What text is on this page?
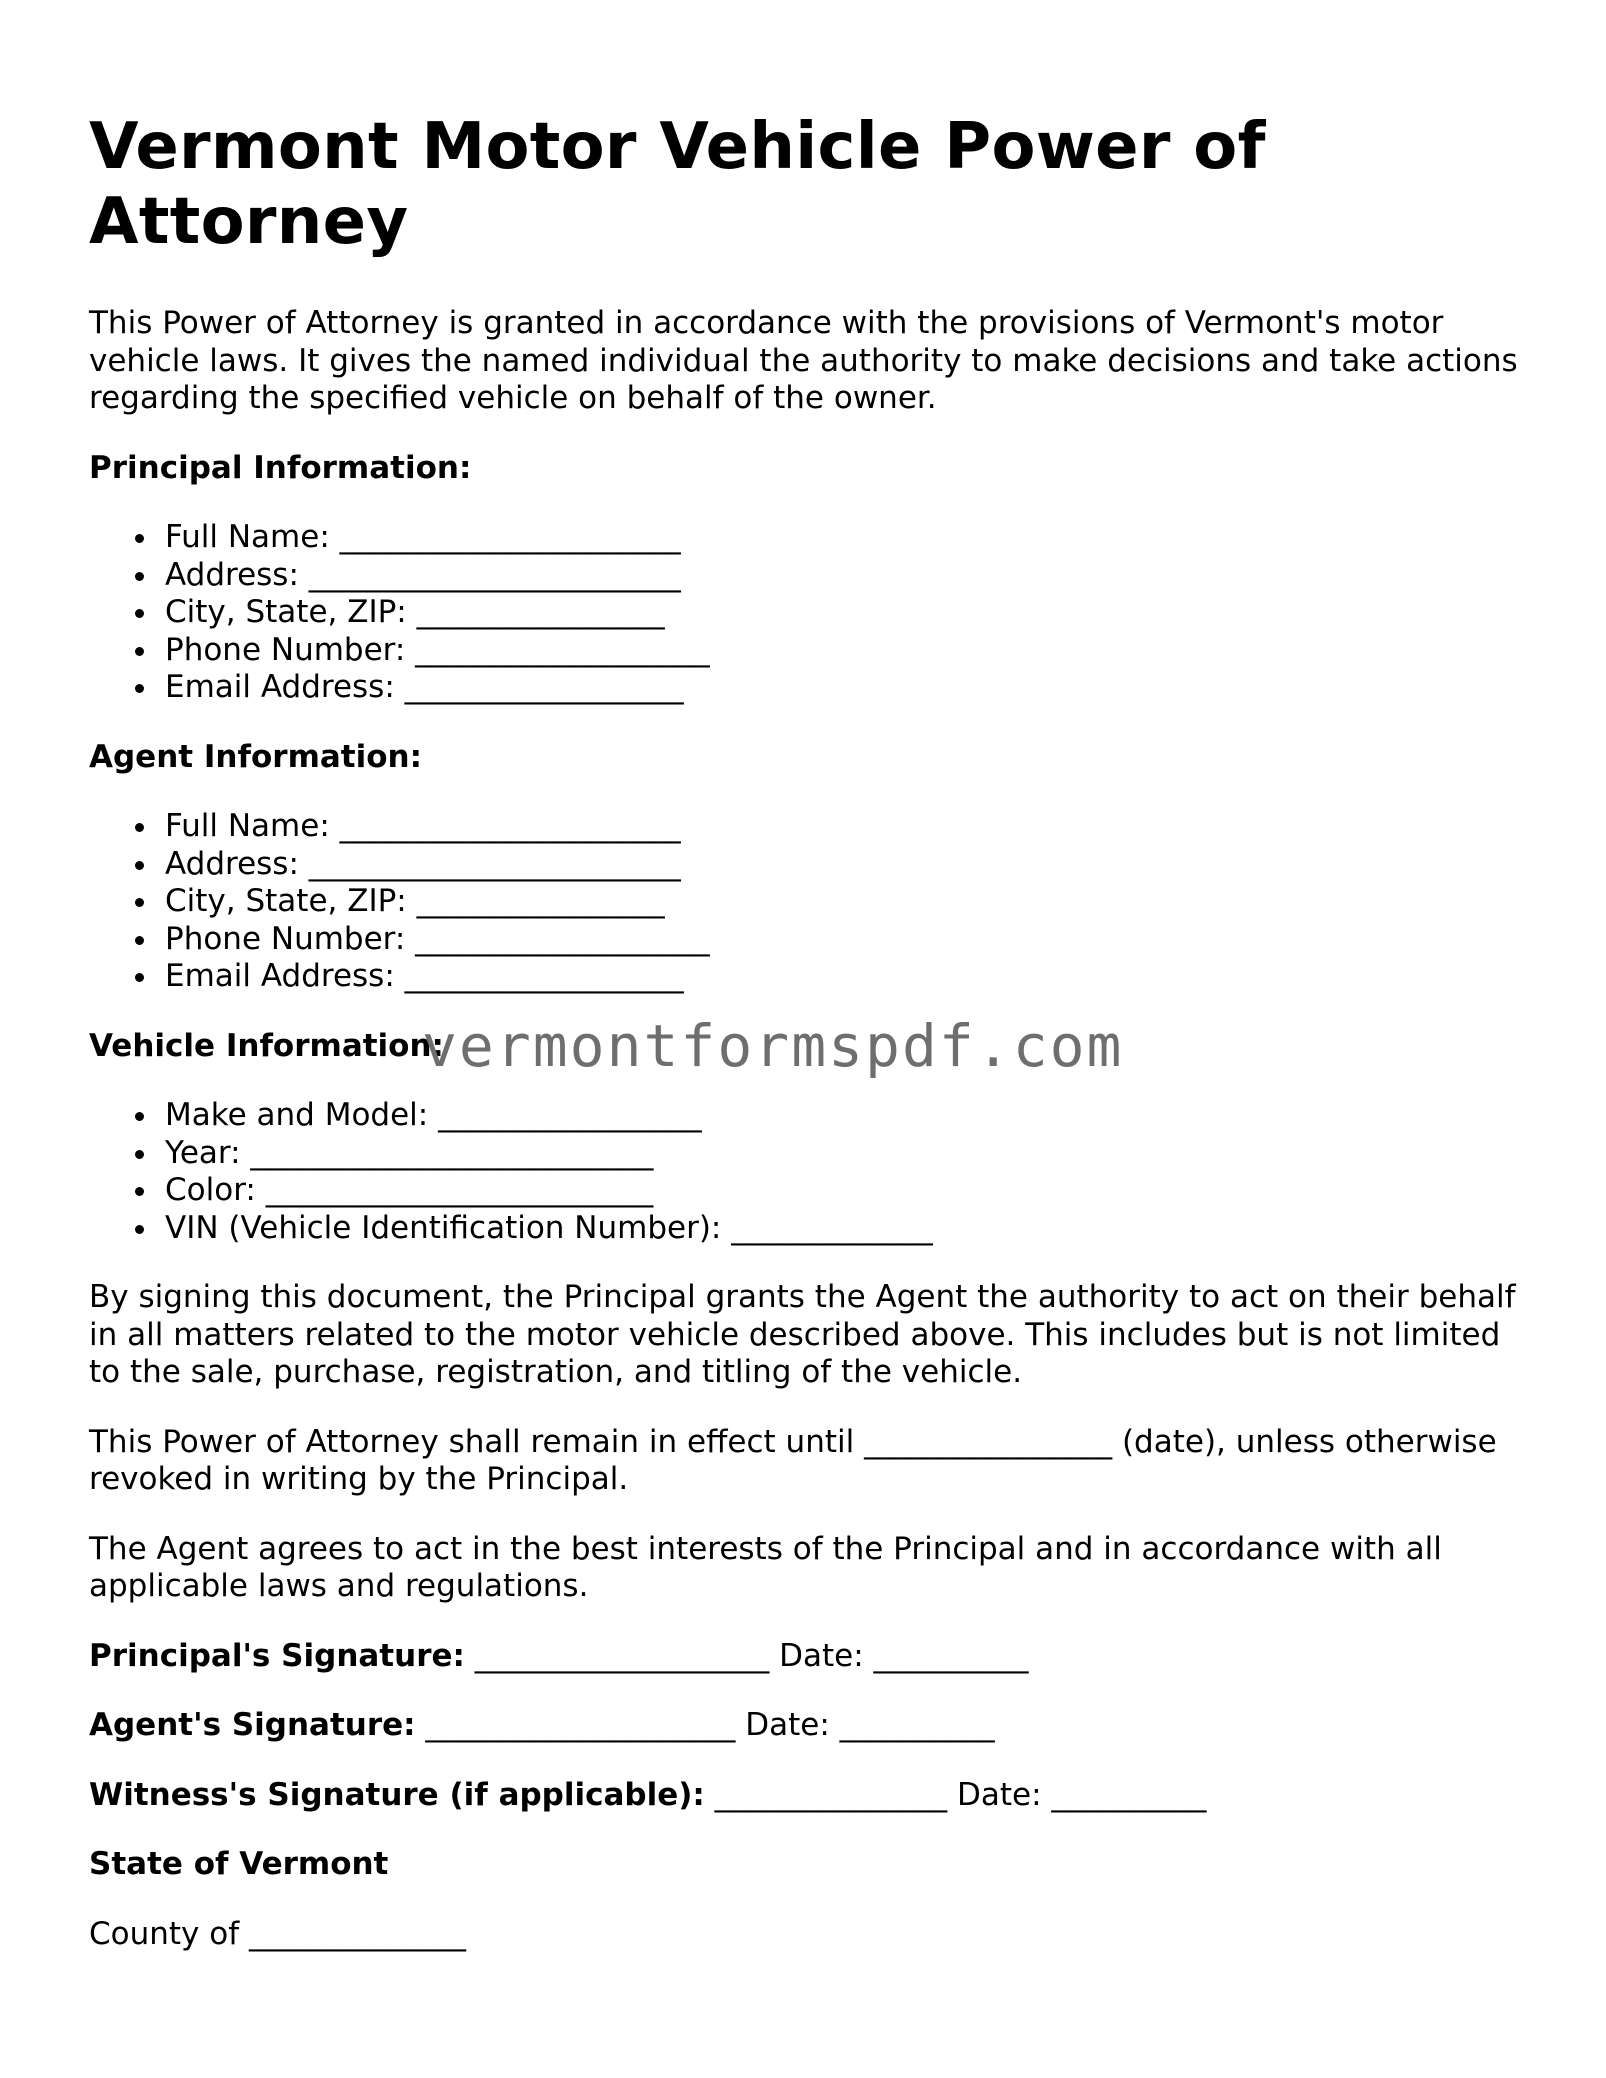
Vermont Motor Vehicle Power of Attorney

This Power of Attorney is granted in accordance with the provisions of Vermont's motor vehicle laws. It gives the named individual the authority to make decisions and take actions regarding the specified vehicle on behalf of the owner.

Principal Information:
Full Name: ______________________
Address: ________________________
City, State, ZIP: ________________
Phone Number: ___________________
Email Address: __________________
Agent Information:
Full Name: ______________________
Address: ________________________
City, State, ZIP: ________________
Phone Number: ___________________
Email Address: __________________
Vehicle Information:
Make and Model: _________________
Year: __________________________
Color: _________________________
VIN (Vehicle Identification Number): _____________

By signing this document, the Principal grants the Agent the authority to act on their behalf in all matters related to the motor vehicle described above. This includes but is not limited to the sale, purchase, registration, and titling of the vehicle.

This Power of Attorney shall remain in effect until ________________ (date), unless otherwise revoked in writing by the Principal.

The Agent agrees to act in the best interests of the Principal and in accordance with all applicable laws and regulations.

Principal's Signature: ___________________ Date: __________
Agent's Signature: ____________________ Date: __________
Witness's Signature (if applicable): _______________ Date: __________
State of Vermont

County of ______________

vermontformspdf.com
